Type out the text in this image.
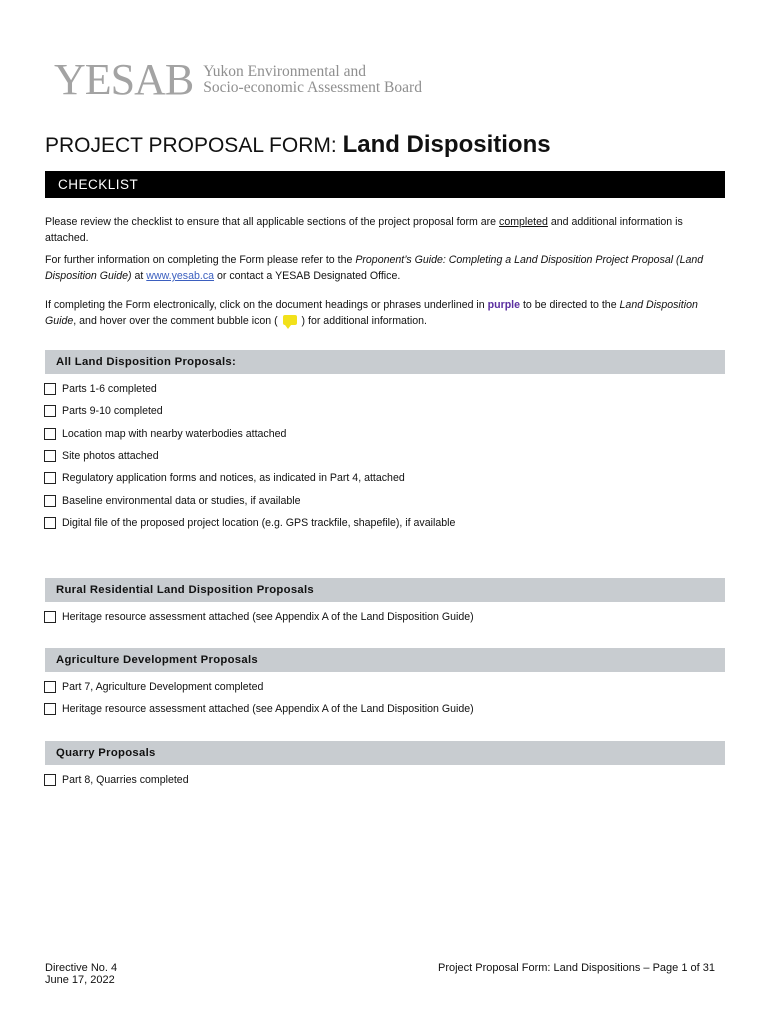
YESAB Yukon Environmental and
Socio-economic Assessment Board
PROJECT PROPOSAL FORM: Land Dispositions
CHECKLIST
Please review the checklist to ensure that all applicable sections of the project proposal form are completed and additional information is attached.
For further information on completing the Form please refer to the Proponent’s Guide: Completing a Land Disposition Project Proposal (Land Disposition Guide) at www.yesab.ca or contact a YESAB Designated Office.
If completing the Form electronically, click on the document headings or phrases underlined in purple to be directed to the Land Disposition Guide, and hover over the comment bubble icon ( ) for additional information.
All Land Disposition Proposals:
Parts 1-6 completed
Parts 9-10 completed
Location map with nearby waterbodies attached
Site photos attached
Regulatory application forms and notices, as indicated in Part 4, attached
Baseline environmental data or studies, if available
Digital file of the proposed project location (e.g. GPS trackfile, shapefile), if available
Rural Residential Land Disposition Proposals
Heritage resource assessment attached (see Appendix A of the Land Disposition Guide)
Agriculture Development Proposals
Part 7, Agriculture Development completed
Heritage resource assessment attached (see Appendix A of the Land Disposition Guide)
Quarry Proposals
Part 8, Quarries completed
Directive No. 4
June 17, 2022
Project Proposal Form: Land Dispositions – Page 1 of 31
